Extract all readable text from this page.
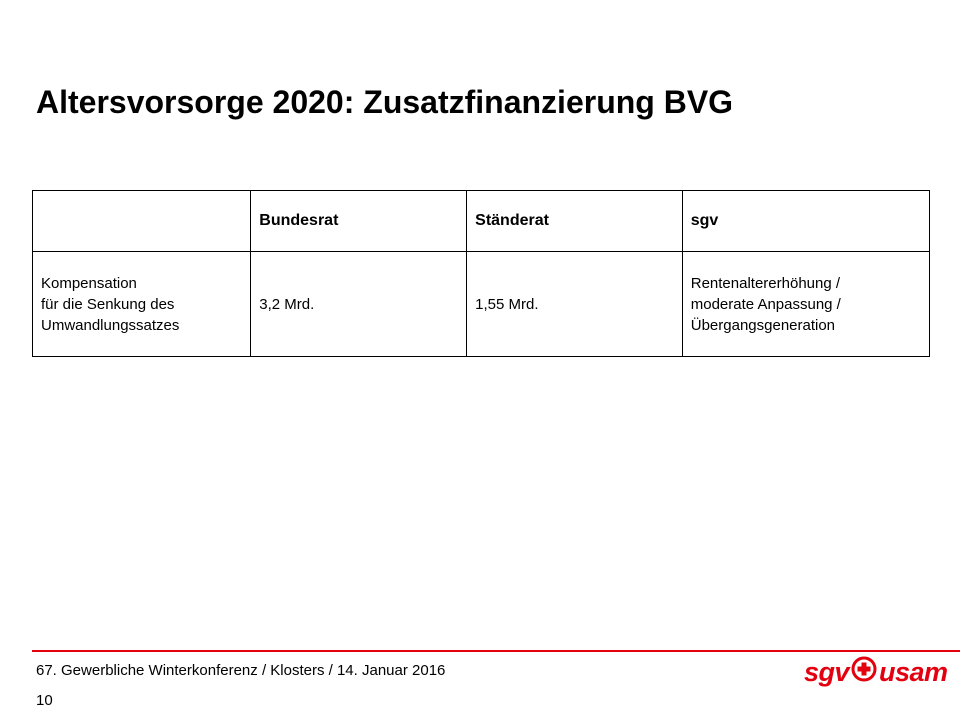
Altersvorsorge 2020: Zusatzfinanzierung BVG
	Bundesrat	Ständerat	sgv

Kompensation
für die Senkung des
Umwandlungssatzes	3,2 Mrd.	1,55 Mrd.	Rentenaltererhöhung /
moderate Anpassung /
Übergangsgeneration
67. Gewerbliche Winterkonferenz / Klosters / 14. Januar 2016
10
sgv usam
